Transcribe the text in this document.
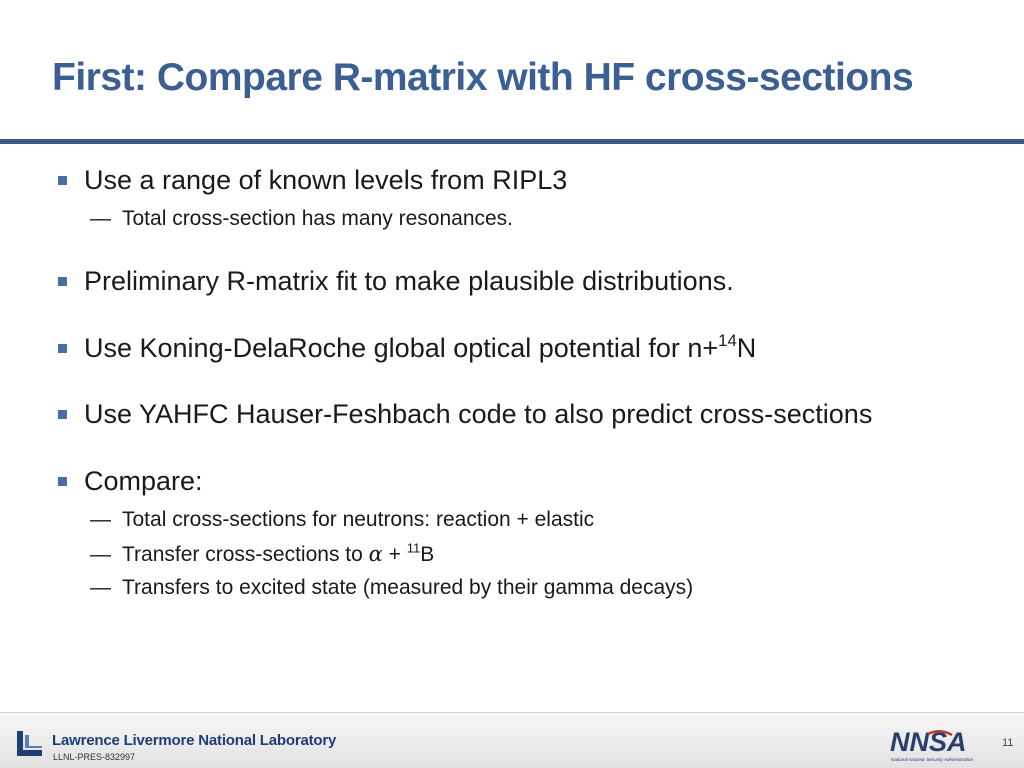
First: Compare R-matrix with HF cross-sections
Use a range of known levels from RIPL3
— Total cross-section has many resonances.
Preliminary R-matrix fit to make plausible distributions.
Use Koning-DelaRoche global optical potential for n+$^{14}$N
Use YAHFC Hauser-Feshbach code to also predict cross-sections
Compare:
— Total cross-sections for neutrons: reaction + elastic
— Transfer cross-sections to α + $^{11}$B
— Transfers to excited state (measured by their gamma decays)
Lawrence Livermore National Laboratory
LLNL-PRES-832997	NNSA
National Nuclear Security Administration
11
